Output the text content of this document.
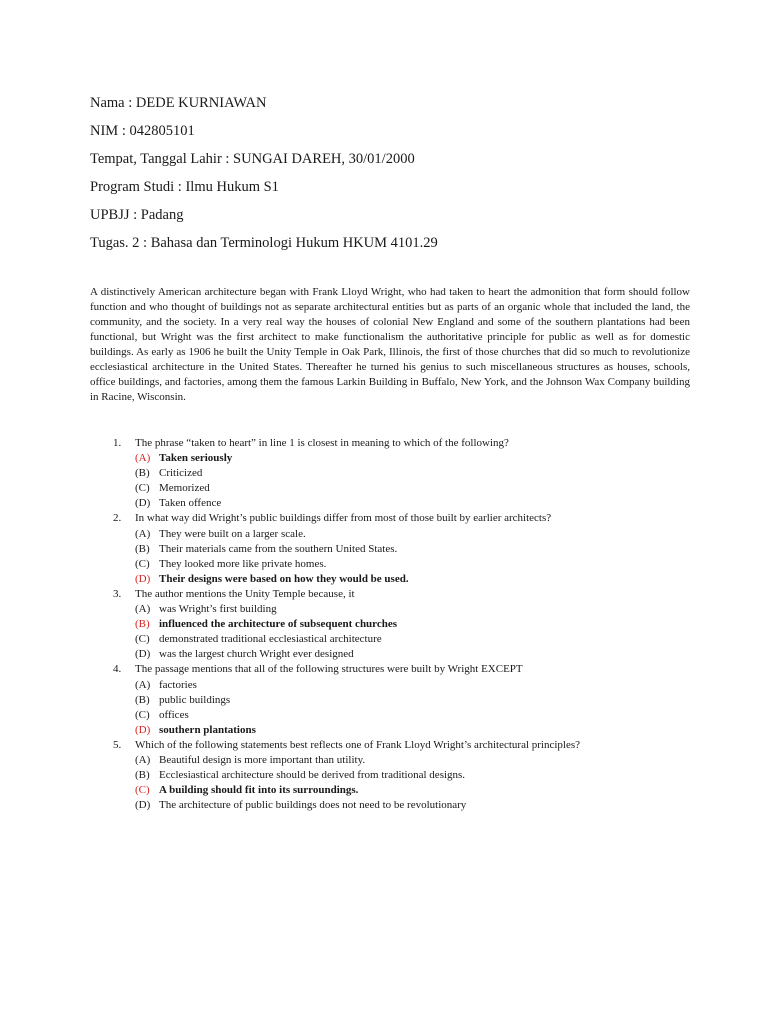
Nama : DEDE KURNIAWAN
NIM : 042805101
Tempat, Tanggal Lahir : SUNGAI DAREH, 30/01/2000
Program Studi : Ilmu Hukum S1
UPBJJ : Padang
Tugas. 2 : Bahasa dan Terminologi Hukum HKUM 4101.29
A distinctively American architecture began with Frank Lloyd Wright, who had taken to heart the admonition that form should follow function and who thought of buildings not as separate architectural entities but as parts of an organic whole that included the land, the community, and the society. In a very real way the houses of colonial New England and some of the southern plantations had been functional, but Wright was the first architect to make functionalism the authoritative principle for public as well as for domestic buildings. As early as 1906 he built the Unity Temple in Oak Park, Illinois, the first of those churches that did so much to revolutionize ecclesiastical architecture in the United States. Thereafter he turned his genius to such miscellaneous structures as houses, schools, office buildings, and factories, among them the famous Larkin Building in Buffalo, New York, and the Johnson Wax Company building in Racine, Wisconsin.
1.	The phrase “taken to heart” in line 1 is closest in meaning to which of the following?
(A) Taken seriously
(B) Criticized
(C) Memorized
(D) Taken offence
2.	In what way did Wright’s public buildings differ from most of those built by earlier architects?
(A) They were built on a larger scale.
(B) Their materials came from the southern United States.
(C) They looked more like private homes.
(D) Their designs were based on how they would be used.
3.	The author mentions the Unity Temple because, it
(A) was Wright’s first building
(B) influenced the architecture of subsequent churches
(C) demonstrated traditional ecclesiastical architecture
(D) was the largest church Wright ever designed
4.	The passage mentions that all of the following structures were built by Wright EXCEPT
(A) factories
(B) public buildings
(C) offices
(D) southern plantations
5.	Which of the following statements best reflects one of Frank Lloyd Wright’s architectural principles?
(A) Beautiful design is more important than utility.
(B) Ecclesiastical architecture should be derived from traditional designs.
(C) A building should fit into its surroundings.
(D) The architecture of public buildings does not need to be revolutionary
